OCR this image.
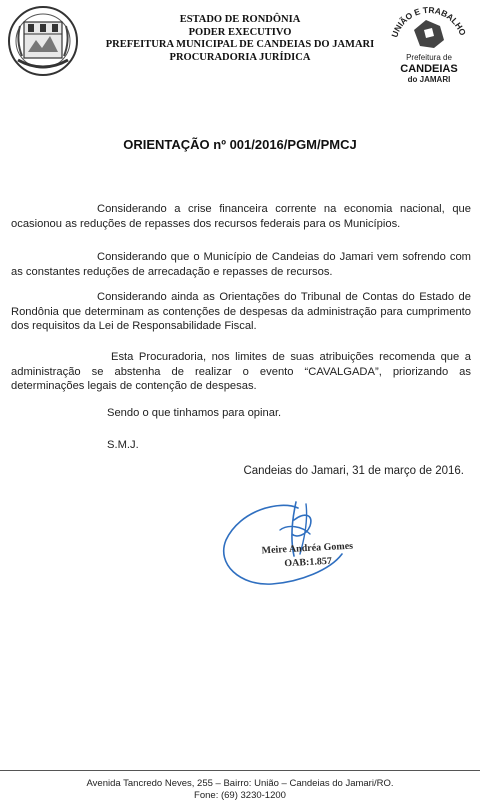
ESTADO DE RONDÔNIA
PODER EXECUTIVO
PREFEITURA MUNICIPAL DE CANDEIAS DO JAMARI
PROCURADORIA JURÍDICA
UNIÃO E TRABALHO
Prefeitura de
CANDEIAS
do JAMARI
ORIENTAÇÃO nº 001/2016/PGM/PMCJ
Considerando a crise financeira corrente na economia nacional, que ocasionou as reduções de repasses dos recursos federais para os Municípios.
Considerando que o Município de Candeias do Jamari vem sofrendo com as constantes reduções de arrecadação e repasses de recursos.
Considerando ainda as Orientações do Tribunal de Contas do Estado de Rondônia que determinam as contenções de despesas da administração para cumprimento dos requisitos da Lei de Responsabilidade Fiscal.
Esta Procuradoria, nos limites de suas atribuições recomenda que a administração se abstenha de realizar o evento “CAVALGADA”, priorizando as determinações legais de contenção de despesas.
Sendo o que tinhamos para opinar.
S.M.J.
Candeias do Jamari, 31 de março de 2016.
Meire Andréa Gomes
OAB:1.857
Avenida Tancredo Neves, 255 – Bairro: União – Candeias do Jamari/RO.
Fone: (69) 3230-1200
